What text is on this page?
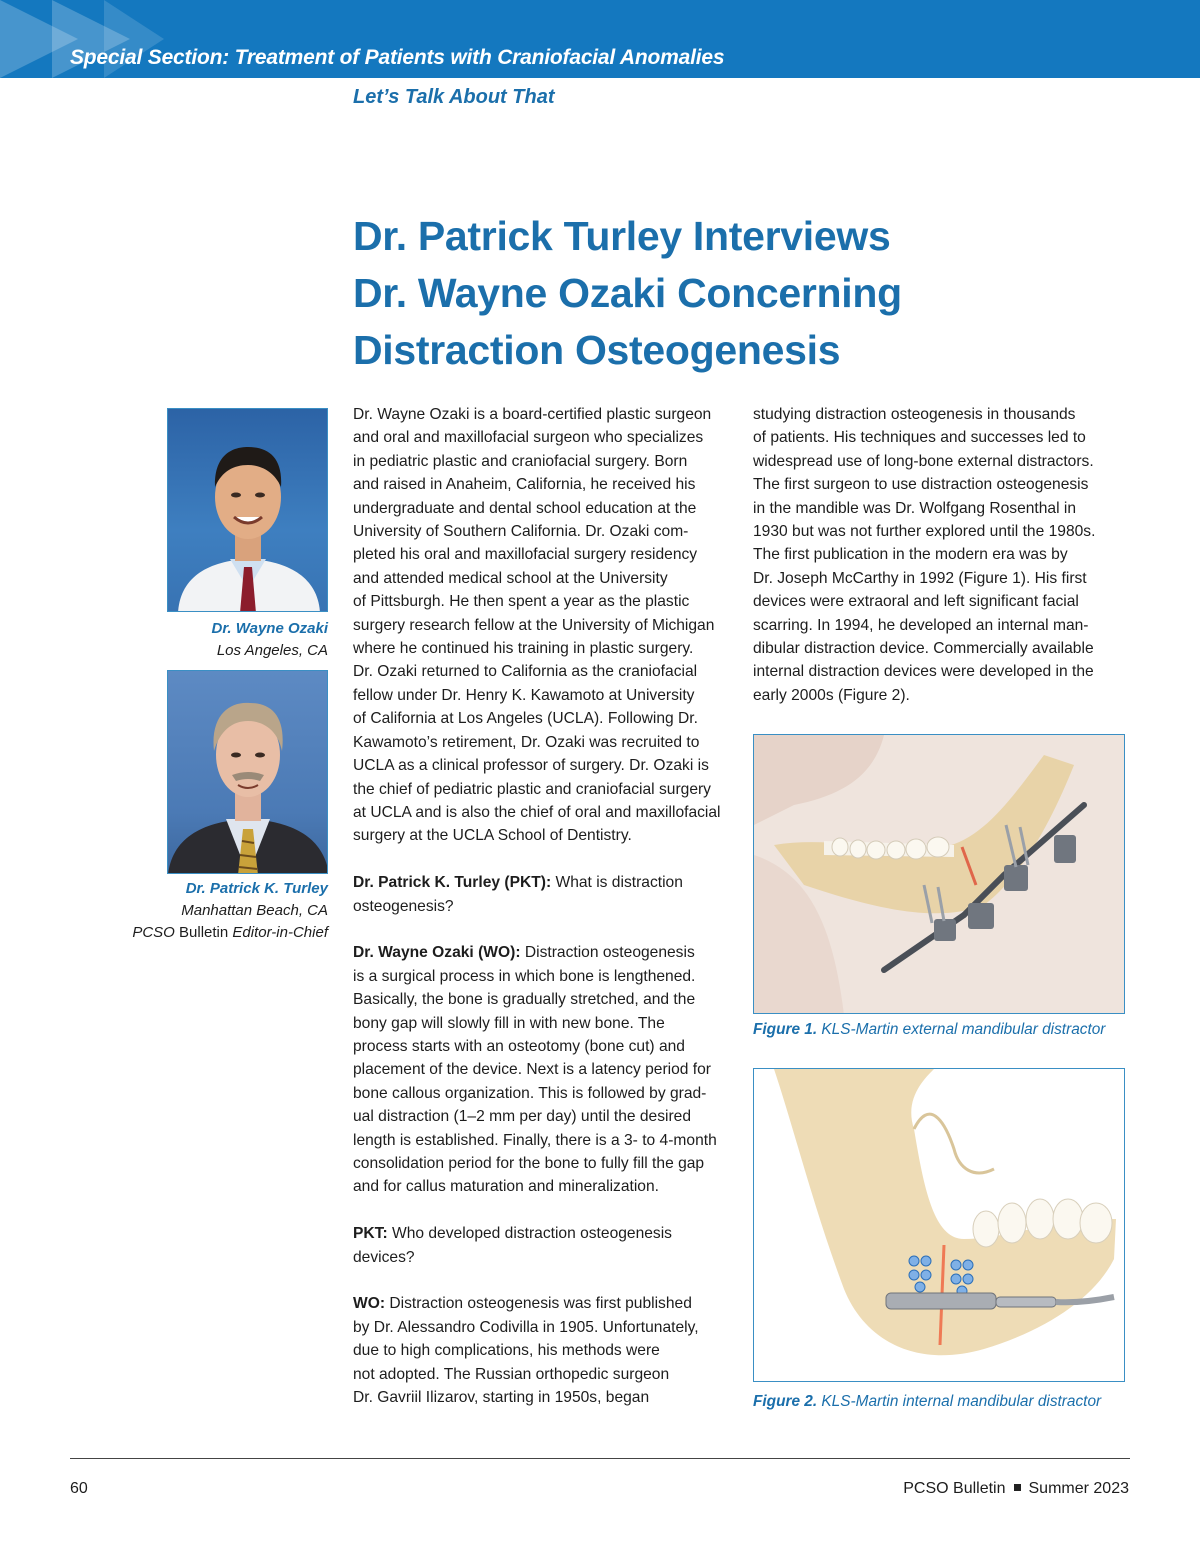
Special Section: Treatment of Patients with Craniofacial Anomalies
Let’s Talk About That
Dr. Patrick Turley Interviews
Dr. Wayne Ozaki Concerning
Distraction Osteogenesis
Dr. Wayne Ozaki
Los Angeles, CA
Dr. Patrick K. Turley
Manhattan Beach, CA
PCSO Bulletin Editor-in-Chief

Dr. Wayne Ozaki is a board-certified plastic surgeon
and oral and maxillofacial surgeon who specializes
in pediatric plastic and craniofacial surgery. Born
and raised in Anaheim, California, he received his
undergraduate and dental school education at the
University of Southern California. Dr. Ozaki com-
pleted his oral and maxillofacial surgery residency
and attended medical school at the University
of Pittsburgh. He then spent a year as the plastic
surgery research fellow at the University of Michigan
where he continued his training in plastic surgery.
Dr. Ozaki returned to California as the craniofacial
fellow under Dr. Henry K. Kawamoto at University
of California at Los Angeles (UCLA). Following Dr.
Kawamoto’s retirement, Dr. Ozaki was recruited to
UCLA as a clinical professor of surgery. Dr. Ozaki is
the chief of pediatric plastic and craniofacial surgery
at UCLA and is also the chief of oral and maxillofacial
surgery at the UCLA School of Dentistry.

Dr. Patrick K. Turley (PKT): What is distraction
osteogenesis?

Dr. Wayne Ozaki (WO): Distraction osteogenesis
is a surgical process in which bone is lengthened.
Basically, the bone is gradually stretched, and the
bony gap will slowly fill in with new bone. The
process starts with an osteotomy (bone cut) and
placement of the device. Next is a latency period for
bone callous organization. This is followed by grad-
ual distraction (1–2 mm per day) until the desired
length is established. Finally, there is a 3- to 4-month
consolidation period for the bone to fully fill the gap
and for callus maturation and mineralization.

PKT: Who developed distraction osteogenesis
devices?

WO: Distraction osteogenesis was first published
by Dr. Alessandro Codivilla in 1905. Unfortunately,
due to high complications, his methods were
not adopted. The Russian orthopedic surgeon
Dr. Gavriil Ilizarov, starting in 1950s, began

studying distraction osteogenesis in thousands
of patients. His techniques and successes led to
widespread use of long-bone external distractors.
The first surgeon to use distraction osteogenesis
in the mandible was Dr. Wolfgang Rosenthal in
1930 but was not further explored until the 1980s.
The first publication in the modern era was by
Dr. Joseph McCarthy in 1992 (Figure 1). His first
devices were extraoral and left significant facial
scarring. In 1994, he developed an internal man-
dibular distraction device. Commercially available
internal distraction devices were developed in the
early 2000s (Figure 2).

Figure 1. KLS-Martin external mandibular distractor
Figure 2. KLS-Martin internal mandibular distractor
60	PCSO Bulletin Summer 2023
